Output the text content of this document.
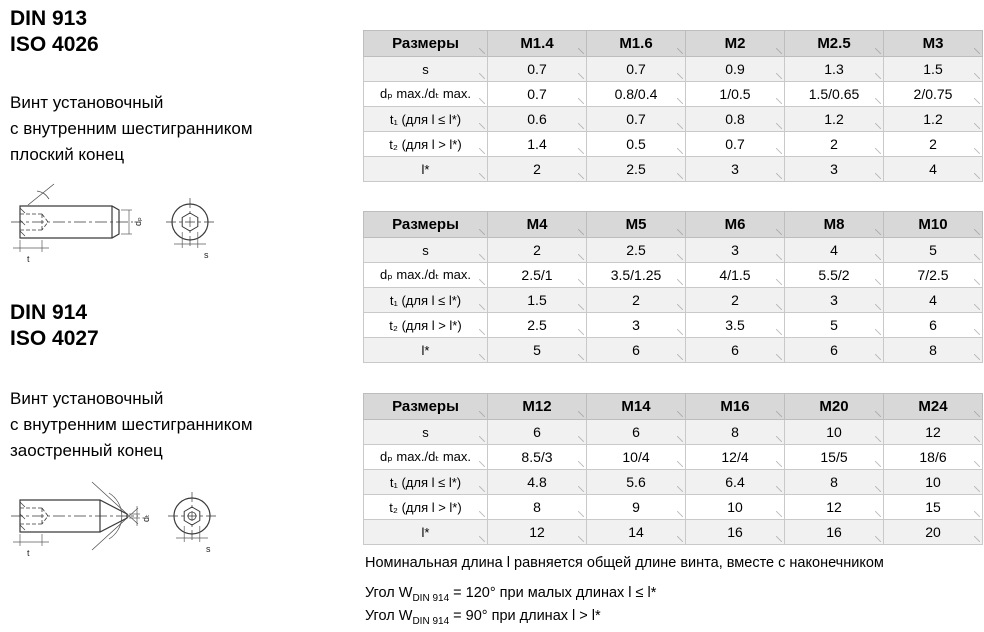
DIN 913
ISO 4026
Винт установочный
с внутренним шестигранником
плоский конец
t
dₚ
s
DIN 914
ISO 4027
Винт установочный
с внутренним шестигранником
заостренный конец
t
dₜ
s
Размеры	M1.4	M1.6	M2	M2.5	M3
s	0.7	0.7	0.9	1.3	1.5
dₚ max./dₜ max.	0.7	0.8/0.4	1/0.5	1.5/0.65	2/0.75
t₁ (для l ≤ l*)	0.6	0.7	0.8	1.2	1.2
t₂ (для l > l*)	1.4	0.5	0.7	2	2
l*	2	2.5	3	3	4
Размеры	M4	M5	M6	M8	M10
s	2	2.5	3	4	5
dₚ max./dₜ max.	2.5/1	3.5/1.25	4/1.5	5.5/2	7/2.5
t₁ (для l ≤ l*)	1.5	2	2	3	4
t₂ (для l > l*)	2.5	3	3.5	5	6
l*	5	6	6	6	8
Размеры	M12	M14	M16	M20	M24
s	6	6	8	10	12
dₚ max./dₜ max.	8.5/3	10/4	12/4	15/5	18/6
t₁ (для l ≤ l*)	4.8	5.6	6.4	8	10
t₂ (для l > l*)	8	9	10	12	15
l*	12	14	16	16	20
Номинальная длина l равняется общей длине винта, вместе с наконечником
Угол $W_{DIN 914} = 120^\circ$ при малых длинах l ≤ l*
Угол $W_{DIN 914} = 90^\circ$ при длинах l > l*
